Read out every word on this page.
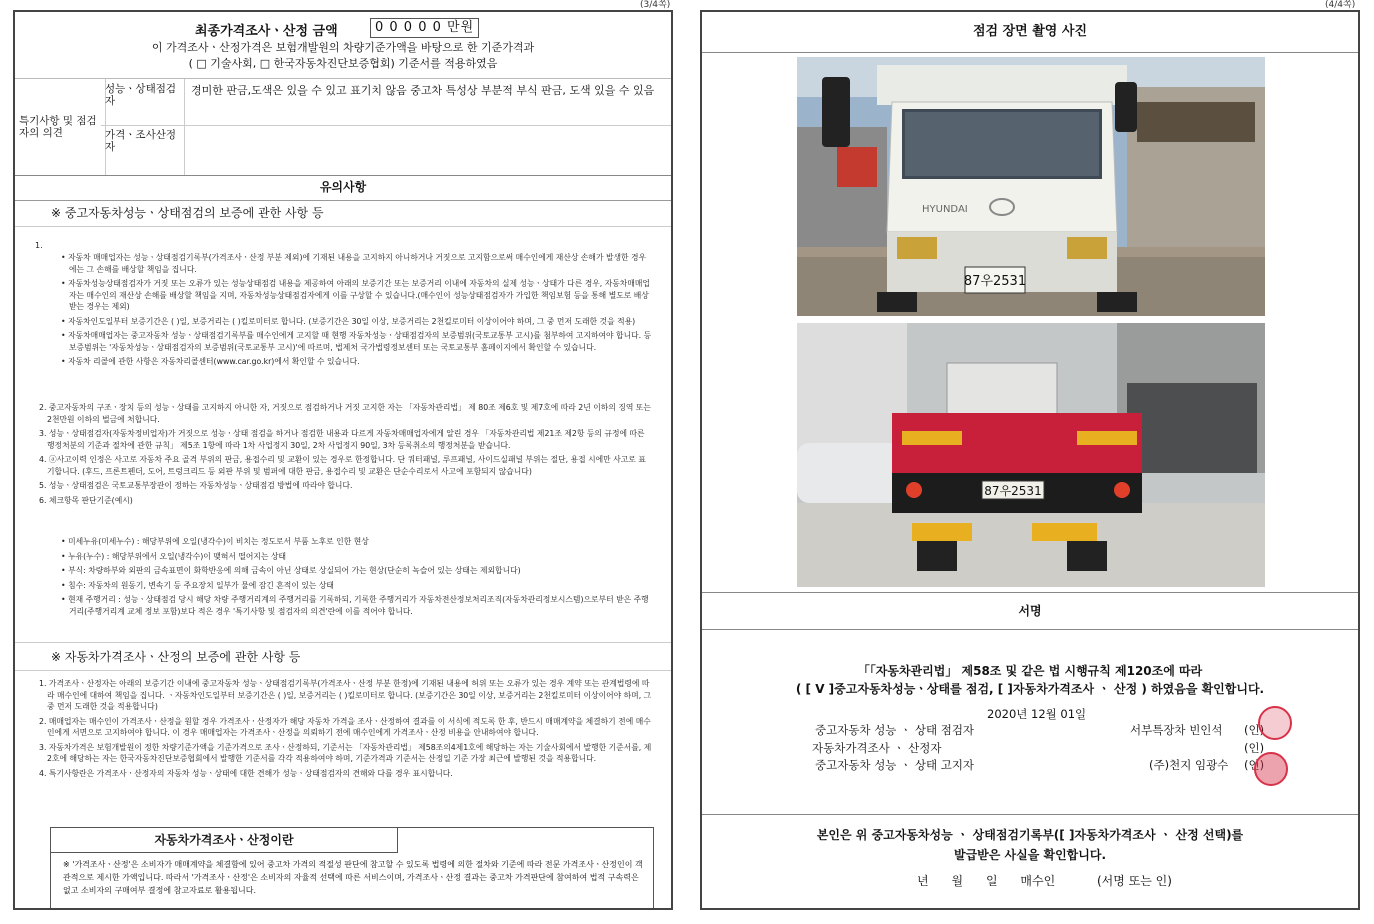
(3/4쪽)
최종가격조사ㆍ산정 금액	0 0 0 0 0 만원
이 가격조사ㆍ산정가격은 보험개발원의 차량기준가액을 바탕으로 한 기준가격과
( □ 기술사회, □ 한국자동차진단보증협회) 기준서를 적용하였음
특기사항 및 점검자의 의견
성능ㆍ상태점검자
경미한 판금,도색은 있을 수 있고 표기치 않음 중고차 특성상 부분적 부식 판금, 도색 있을 수 있음
가격ㆍ조사산정자
유의사항
※ 중고자동차성능ㆍ상태점검의 보증에 관한 사항 등
1.
• 자동차 매매업자는 성능ㆍ상태점검기록부(가격조사ㆍ산정 부분 제외)에 기재된 내용을 고지하지 아니하거나 거짓으로 고지함으로써 매수인에게 재산상 손해가 발생한 경우에는 그 손해를 배상할 책임을 집니다.
• 자동차성능상태점검자가 거짓 또는 오류가 있는 성능상태점검 내용을 제공하여 아래의 보증기간 또는 보증거리 이내에 자동차의 실제 성능ㆍ상태가 다른 경우, 자동차매매업자는 매수인의 재산상 손해를 배상할 책임을 지며, 자동차성능상태점검자에게 이를 구상할 수 있습니다.(매수인이 성능상태점검자가 가입한 책임보험 등을 통해 별도로 배상받는 경우는 제외)
• 자동차인도일부터 보증기간은 ( )일, 보증거리는 ( )킬로미터로 합니다. (보증기간은 30일 이상, 보증거리는 2천킬로미터 이상이어야 하며, 그 중 먼저 도래한 것을 적용)
• 자동차매매업자는 중고자동차 성능ㆍ상태점검기록부를 매수인에게 고지할 때 현행 자동차성능ㆍ상태점검자의 보증범위(국토교통부 고시)를 첨부하여 고지하여야 합니다. 등 보증범위는 '자동차성능ㆍ상태점검자의 보증범위(국토교통부 고시)'에 따르며, 법제처 국가법령정보센터 또는 국토교통부 홈페이지에서 확인할 수 있습니다.
• 자동차 리콜에 관한 사항은 자동차리콜센터(www.car.go.kr)에서 확인할 수 있습니다.
2. 중고자동차의 구조ㆍ장치 등의 성능ㆍ상태를 고지하지 아니한 자, 거짓으로 점검하거나 거짓 고지한 자는 「자동차관리법」 제 80조 제6호 및 제7호에 따라 2년 이하의 징역 또는 2천만원 이하의 벌금에 처합니다.
3. 성능ㆍ상태점검자(자동차정비업자)가 거짓으로 성능ㆍ상태 점검을 하거나 점검한 내용과 다르게 자동차매매업자에게 알린 경우 「자동차관리법 제21조 제2항 등의 규정에 따른 행정처분의 기준과 절차에 관한 규칙」 제5조 1항에 따라 1차 사업정지 30일, 2차 사업정지 90일, 3차 등록취소의 행정처분을 받습니다.
4. ⓐ사고이력 인정은 사고로 자동차 주요 골격 부위의 판금, 용접수리 및 교환이 있는 경우로 한정합니다. 단 쿼터패널, 루프패널, 사이드실패널 부위는 절단, 용접 시에만 사고로 표기합니다. (후드, 프론트펜더, 도어, 트렁크리드 등 외판 부위 및 범퍼에 대한 판금, 용접수리 및 교환은 단순수리로서 사고에 포함되지 않습니다)
5. 성능ㆍ상태점검은 국토교통부장관이 정하는 자동차성능ㆍ상태점검 방법에 따라야 합니다.
6. 체크항목 판단기준(예시)
• 미세누유(미세누수) : 해당부위에 오일(냉각수)이 비치는 정도로서 부품 노후로 인한 현상
• 누유(누수) : 해당부위에서 오일(냉각수)이 맺혀서 떨어지는 상태
• 부식: 차량하부와 외판의 금속표면이 화학반응에 의해 금속이 아닌 상태로 상실되어 가는 현상(단순히 녹슬어 있는 상태는 제외합니다)
• 침수: 자동차의 원동기, 변속기 등 주요장치 일부가 물에 잠긴 흔적이 있는 상태
• 현재 주행거리 : 성능ㆍ상태점검 당시 해당 차량 주행거리계의 주행거리를 기록하되, 기록한 주행거리가 자동차전산정보처리조직(자동차관리정보시스템)으로부터 받은 주행거리(주행거리계 교체 정보 포함)보다 적은 경우 '특기사항 및 점검자의 의견'란에 이를 적어야 합니다.
※ 자동차가격조사ㆍ산정의 보증에 관한 사항 등
1. 가격조사ㆍ산정자는 아래의 보증기간 이내에 중고자동차 성능ㆍ상태점검기록부(가격조사ㆍ산정 부분 한정)에 기재된 내용에 허위 또는 오류가 있는 경우 계약 또는 관계법령에 따라 매수인에 대하여 책임을 집니다. ㆍ자동차인도일부터 보증기간은 ( )일, 보증거리는 ( )킬로미터로 합니다. (보증기간은 30일 이상, 보증거리는 2천킬로미터 이상이어야 하며, 그 중 먼저 도래한 것을 적용합니다)
2. 매매업자는 매수인이 가격조사ㆍ산정을 원할 경우 가격조사ㆍ산정자가 해당 자동차 가격을 조사ㆍ산정하여 결과를 이 서식에 적도록 한 후, 반드시 매매계약을 체결하기 전에 매수인에게 서면으로 고지하여야 합니다. 이 경우 매매업자는 가격조사ㆍ산정을 의뢰하기 전에 매수인에게 가격조사ㆍ산정 비용을 안내하여야 합니다.
3. 자동차가격은 보험개발원이 정한 차량기준가액을 기준가격으로 조사ㆍ산정하되, 기준서는 「자동차관리법」 제58조의4제1호에 해당하는 자는 기술사회에서 발행한 기준서를, 제2호에 해당하는 자는 한국자동차진단보증협회에서 발행한 기준서를 각각 적용하여야 하며, 기준가격과 기준서는 산정일 기준 가장 최근에 발행된 것을 적용합니다.
4. 특기사항란은 가격조사ㆍ산정자의 자동차 성능ㆍ상태에 대한 견해가 성능ㆍ상태점검자의 견해와 다를 경우 표시합니다.
자동차가격조사ㆍ산정이란
※ '가격조사ㆍ산정'은 소비자가 매매계약을 체결함에 있어 중고차 가격의 적절성 판단에 참고할 수 있도록 법령에 의한 절차와 기준에 따라 전문 가격조사ㆍ산정인이 객관적으로 제시한 가액입니다. 따라서 '가격조사ㆍ산정'은 소비자의 자율적 선택에 따른 서비스이며, 가격조사ㆍ산정 결과는 중고차 가격판단에 참여하여 법적 구속력은 없고 소비자의 구매여부 결정에 참고자료로 활용됩니다.
(4/4쪽)
점검 장면 촬영 사진
87우2531
HYUNDAI
87우2531
서명
「「자동차관리법」 제58조 및 같은 법 시행규칙 제120조에 따라
( [ V ]중고자동차성능ㆍ상태를 점검, [ ]자동차가격조사 ㆍ 산정 ) 하였음을 확인합니다.
2020년 12월 01일
중고자동차 성능 ㆍ 상태 점검자	서부특장차 빈인석 (인)
자동차가격조사 ㆍ 산정자	(인)
중고자동차 성능 ㆍ 상태 고지자	(주)천지 임광수 (인)
본인은 위 중고자동차성능 ㆍ 상태점검기록부([ ]자동차가격조사 ㆍ 산정 선택)를
발급받은 사실을 확인합니다.
년      월      일      매수인	(서명 또는 인)
